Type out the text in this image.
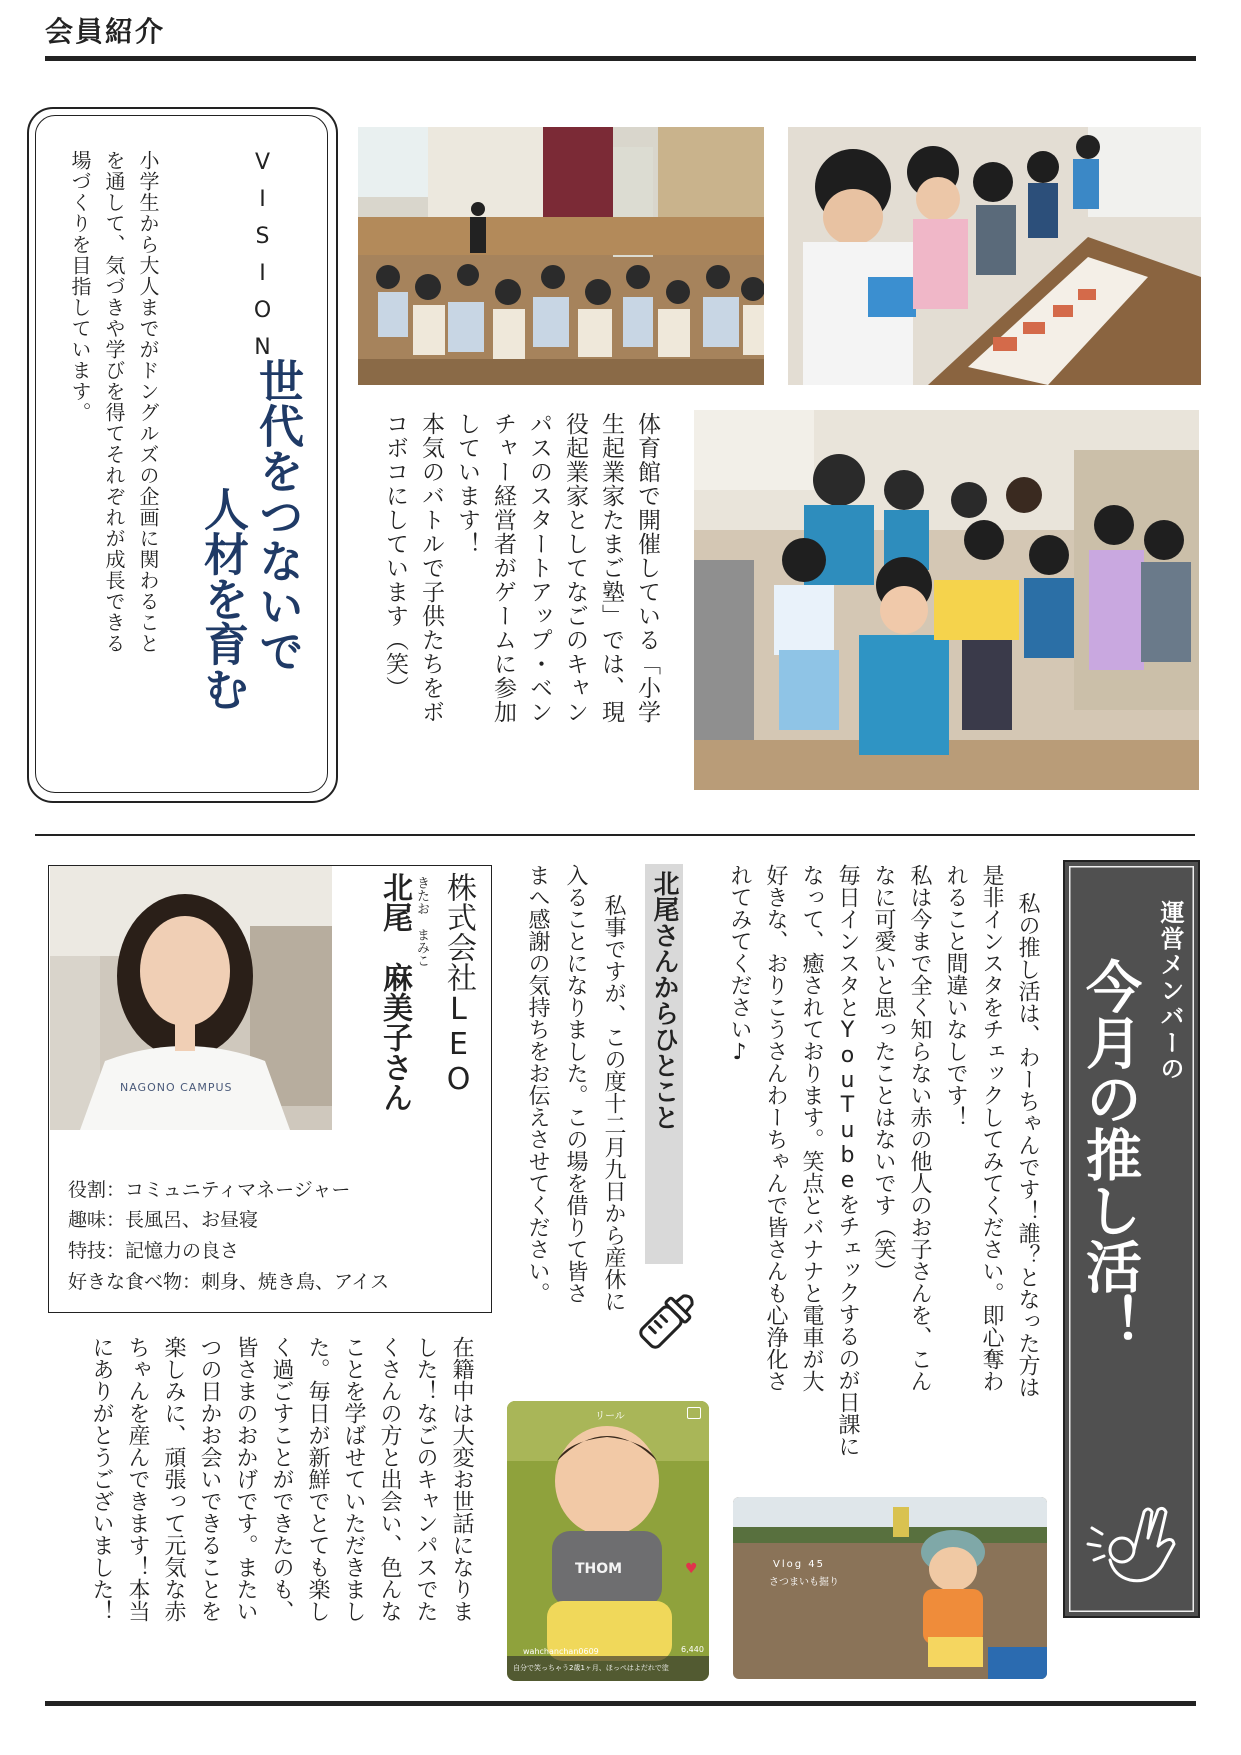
会員紹介
VISION
世代をつないで
人材を育む
小学生から大人までがドングルズの企画に関わること
を通して、気づきや学びを得てそれぞれが成長できる
場づくりを目指しています。
体育館で開催している「小学
生起業家たまご塾」では、現
役起業家としてなごのキャン
パスのスタートアップ・ベン
チャー経営者がゲームに参加
しています！
本気のバトルで子供たちをボ
コボコにしています（笑）
NAGONO CAMPUS	株式会社LEO
きたお　まみこ
北尾　麻美子さん
役割：コミュニティマネージャー
趣味：長風呂、お昼寝
特技：記憶力の良さ
好きな食べ物：刺身、焼き鳥、アイス
北尾さんからひとこと
私事ですが、この度十二月九日から産休に
入ることになりました。この場を借りて皆さ
まへ感謝の気持ちをお伝えさせてください。
在籍中は大変お世話になりま
した！なごのキャンパスでた
くさんの方と出会い、色んな
ことを学ばせていただきまし
た。毎日が新鮮でとても楽し
く過ごすことができたのも、
皆さまのおかげです。またい
つの日かお会いできることを
楽しみに、頑張って元気な赤
ちゃんを産んできます！本当
にありがとうございました！	リール
THOM	♥
6,440
wahchanchan0609
自分で笑っちゃう2歳1ヶ月、ほっぺはよだれで塗
Vlog 45
さつまいも掘り
運営メンバーの
今月の推し活！
私の推し活は、わーちゃんです！誰？となった方は
是非インスタをチェックしてみてください。即心奪わ
れること間違いなしです！
私は今まで全く知らない赤の他人のお子さんを、こん
なに可愛いと思ったことはないです（笑）
毎日インスタとYouTubeをチェックするのが日課に
なって、癒されております。笑点とバナナと電車が大
好きな、おりこうさんわーちゃんで皆さんも心浄化さ
れてみてください♪
